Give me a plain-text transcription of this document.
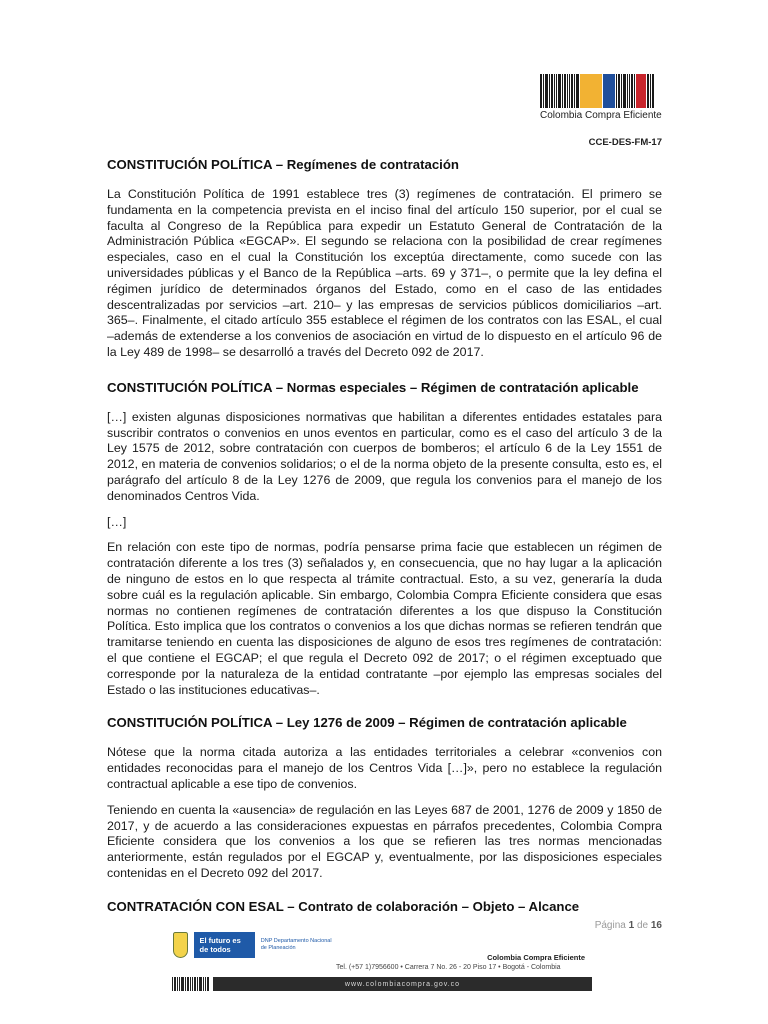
Colombia Compra Eficiente
CCE-DES-FM-17
CONSTITUCIÓN POLÍTICA – Regímenes de contratación

La Constitución Política de 1991 establece tres (3) regímenes de contratación. El primero se fundamenta en la competencia prevista en el inciso final del artículo 150 superior, por el cual se faculta al Congreso de la República para expedir un Estatuto General de Contratación de la Administración Pública «EGCAP». El segundo se relaciona con la posibilidad de crear regímenes especiales, caso en el cual la Constitución los exceptúa directamente, como sucede con las universidades públicas y el Banco de la República –arts. 69 y 371–, o permite que la ley defina el régimen jurídico de determinados órganos del Estado, como en el caso de las entidades descentralizadas por servicios –art. 210– y las empresas de servicios públicos domiciliarios –art. 365–. Finalmente, el citado artículo 355 establece el régimen de los contratos con las ESAL, el cual –además de extenderse a los convenios de asociación en virtud de lo dispuesto en el artículo 96 de la Ley 489 de 1998– se desarrolló a través del Decreto 092 de 2017.

CONSTITUCIÓN POLÍTICA – Normas especiales – Régimen de contratación aplicable

[…] existen algunas disposiciones normativas que habilitan a diferentes entidades estatales para suscribir contratos o convenios en unos eventos en particular, como es el caso del artículo 3 de la Ley 1575 de 2012, sobre contratación con cuerpos de bomberos; el artículo 6 de la Ley 1551 de 2012, en materia de convenios solidarios; o el de la norma objeto de la presente consulta, esto es, el parágrafo del artículo 8 de la Ley 1276 de 2009, que regula los convenios para el manejo de los denominados Centros Vida.

[…]

En relación con este tipo de normas, podría pensarse prima facie que establecen un régimen de contratación diferente a los tres (3) señalados y, en consecuencia, que no hay lugar a la aplicación de ninguno de estos en lo que respecta al trámite contractual. Esto, a su vez, generaría la duda sobre cuál es la regulación aplicable. Sin embargo, Colombia Compra Eficiente considera que esas normas no contienen regímenes de contratación diferentes a los que dispuso la Constitución Política. Esto implica que los contratos o convenios a los que dichas normas se refieren tendrán que tramitarse teniendo en cuenta las disposiciones de alguno de esos tres regímenes de contratación: el que contiene el EGCAP; el que regula el Decreto 092 de 2017; o el régimen exceptuado que corresponde por la naturaleza de la entidad contratante –por ejemplo las empresas sociales del Estado o las instituciones educativas–.

CONSTITUCIÓN POLÍTICA – Ley 1276 de 2009 – Régimen de contratación aplicable

Nótese que la norma citada autoriza a las entidades territoriales a celebrar «convenios con entidades reconocidas para el manejo de los Centros Vida […]», pero no establece la regulación contractual aplicable a ese tipo de convenios.

Teniendo en cuenta la «ausencia» de regulación en las Leyes 687 de 2001, 1276 de 2009 y 1850 de 2017, y de acuerdo a las consideraciones expuestas en párrafos precedentes, Colombia Compra Eficiente considera que los convenios a los que se refieren las tres normas mencionadas anteriormente, están regulados por el EGCAP y, eventualmente, por las disposiciones especiales contenidas en el Decreto 092 del 2017.

CONTRATACIÓN CON ESAL – Contrato de colaboración – Objeto – Alcance
Página 1 de 16
El futuro es de todos
DNP Departamento Nacional de Planeación
Colombia Compra Eficiente
Tel. (+57 1)7956600 • Carrera 7 No. 26 - 20 Piso 17 • Bogotá - Colombia
www.colombiacompra.gov.co
